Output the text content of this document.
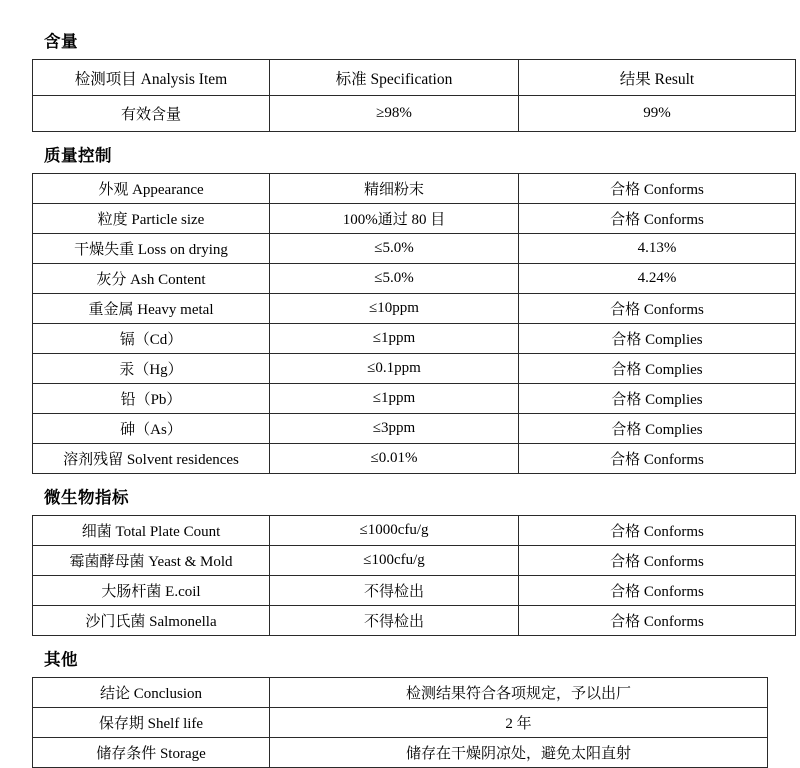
含量
检测项目 Analysis Item	标准 Specification	结果 Result
有效含量	≥98%	99%
质量控制
外观 Appearance	精细粉末	合格 Conforms
粒度 Particle size	100%通过 80 目	合格 Conforms
干燥失重 Loss on drying	≤5.0%	4.13%
灰分 Ash Content	≤5.0%	4.24%
重金属 Heavy metal	≤10ppm	合格 Conforms
镉（Cd）	≤1ppm	合格 Complies
汞（Hg）	≤0.1ppm	合格 Complies
铅（Pb）	≤1ppm	合格 Complies
砷（As）	≤3ppm	合格 Complies
溶剂残留 Solvent residences	≤0.01%	合格 Conforms
微生物指标
细菌 Total Plate Count	≤1000cfu/g	合格 Conforms
霉菌酵母菌 Yeast & Mold	≤100cfu/g	合格 Conforms
大肠杆菌 E.coil	不得检出	合格 Conforms
沙门氏菌 Salmonella	不得检出	合格 Conforms
其他
结论 Conclusion	检测结果符合各项规定，予以出厂
保存期 Shelf life	2 年
储存条件 Storage	储存在干燥阴凉处，避免太阳直射
